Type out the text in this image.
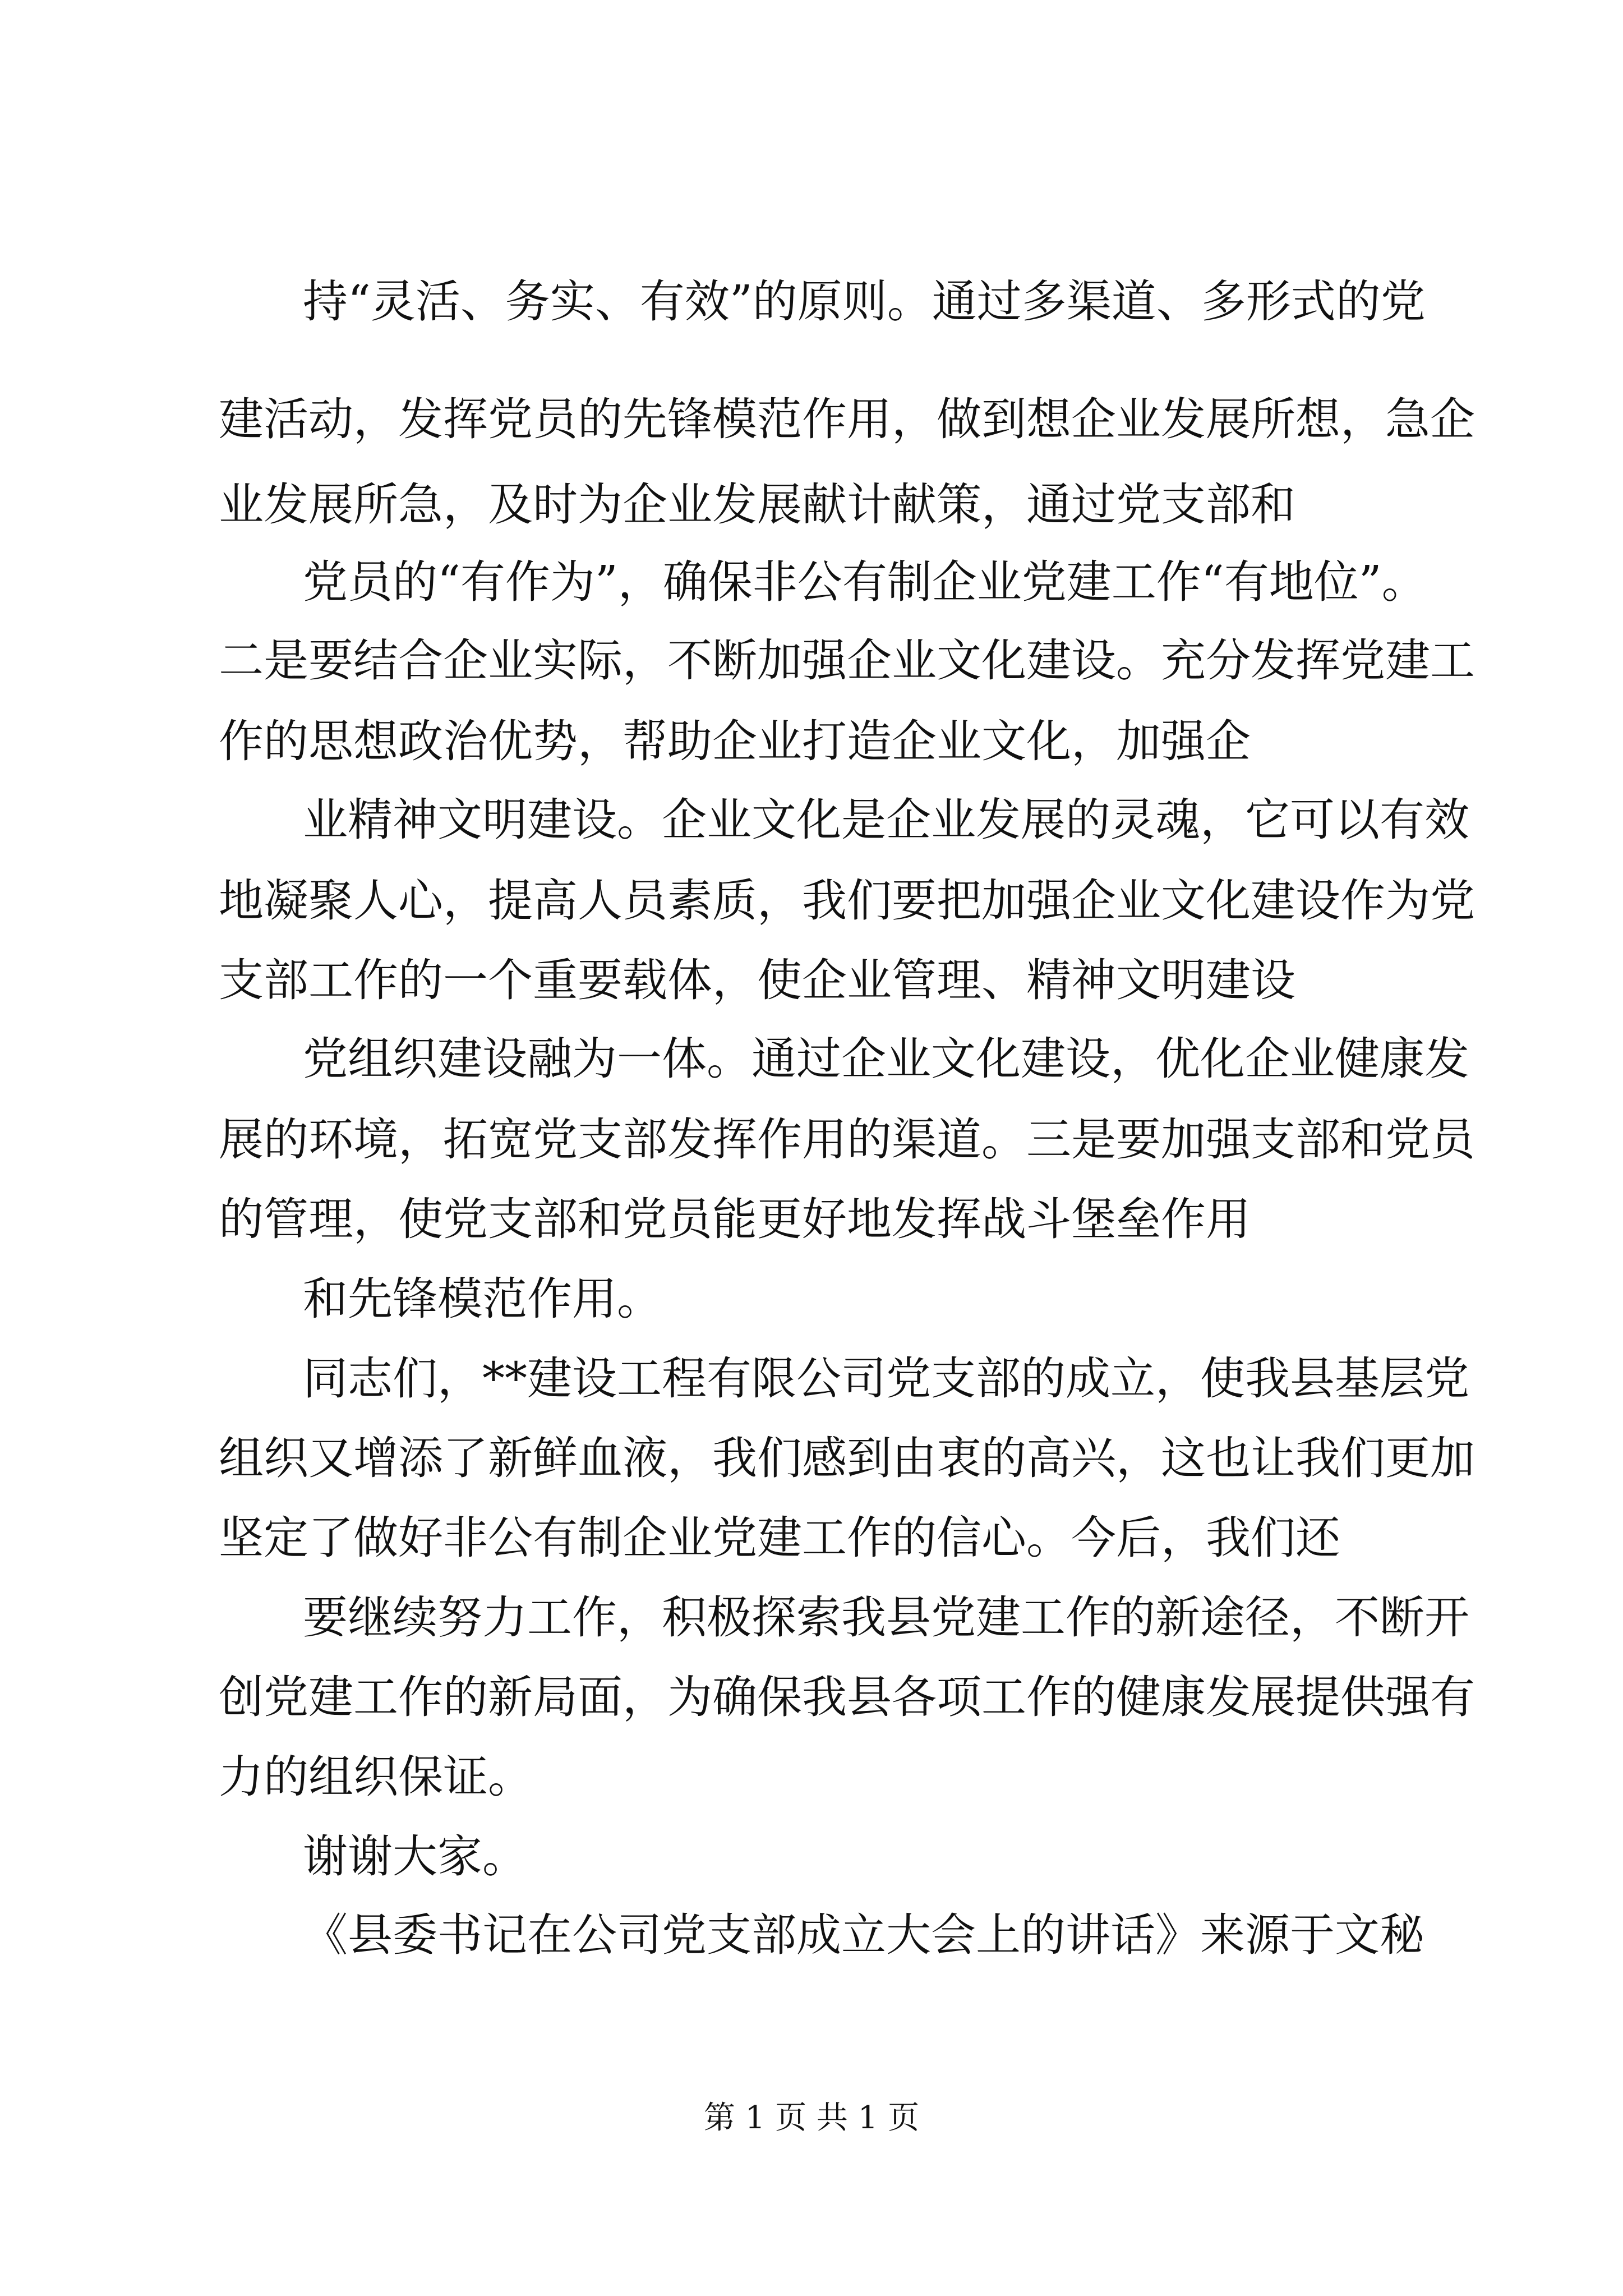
持“灵活、务实、有效”的原则。通过多渠道、多形式的党
建活动，发挥党员的先锋模范作用，做到想企业发展所想，急企
业发展所急，及时为企业发展献计献策，通过党支部和
党员的“有作为”，确保非公有制企业党建工作“有地位”。
二是要结合企业实际，不断加强企业文化建设。充分发挥党建工
作的思想政治优势，帮助企业打造企业文化，加强企
业精神文明建设。企业文化是企业发展的灵魂，它可以有效
地凝聚人心，提高人员素质，我们要把加强企业文化建设作为党
支部工作的一个重要载体，使企业管理、精神文明建设
党组织建设融为一体。通过企业文化建设，优化企业健康发
展的环境，拓宽党支部发挥作用的渠道。三是要加强支部和党员
的管理，使党支部和党员能更好地发挥战斗堡垒作用
和先锋模范作用。
同志们，**建设工程有限公司党支部的成立，使我县基层党
组织又增添了新鲜血液，我们感到由衷的高兴，这也让我们更加
坚定了做好非公有制企业党建工作的信心。今后，我们还
要继续努力工作，积极探索我县党建工作的新途径，不断开
创党建工作的新局面，为确保我县各项工作的健康发展提供强有
力的组织保证。
谢谢大家。
《县委书记在公司党支部成立大会上的讲话》来源于文秘
第 1 页 共 1 页
